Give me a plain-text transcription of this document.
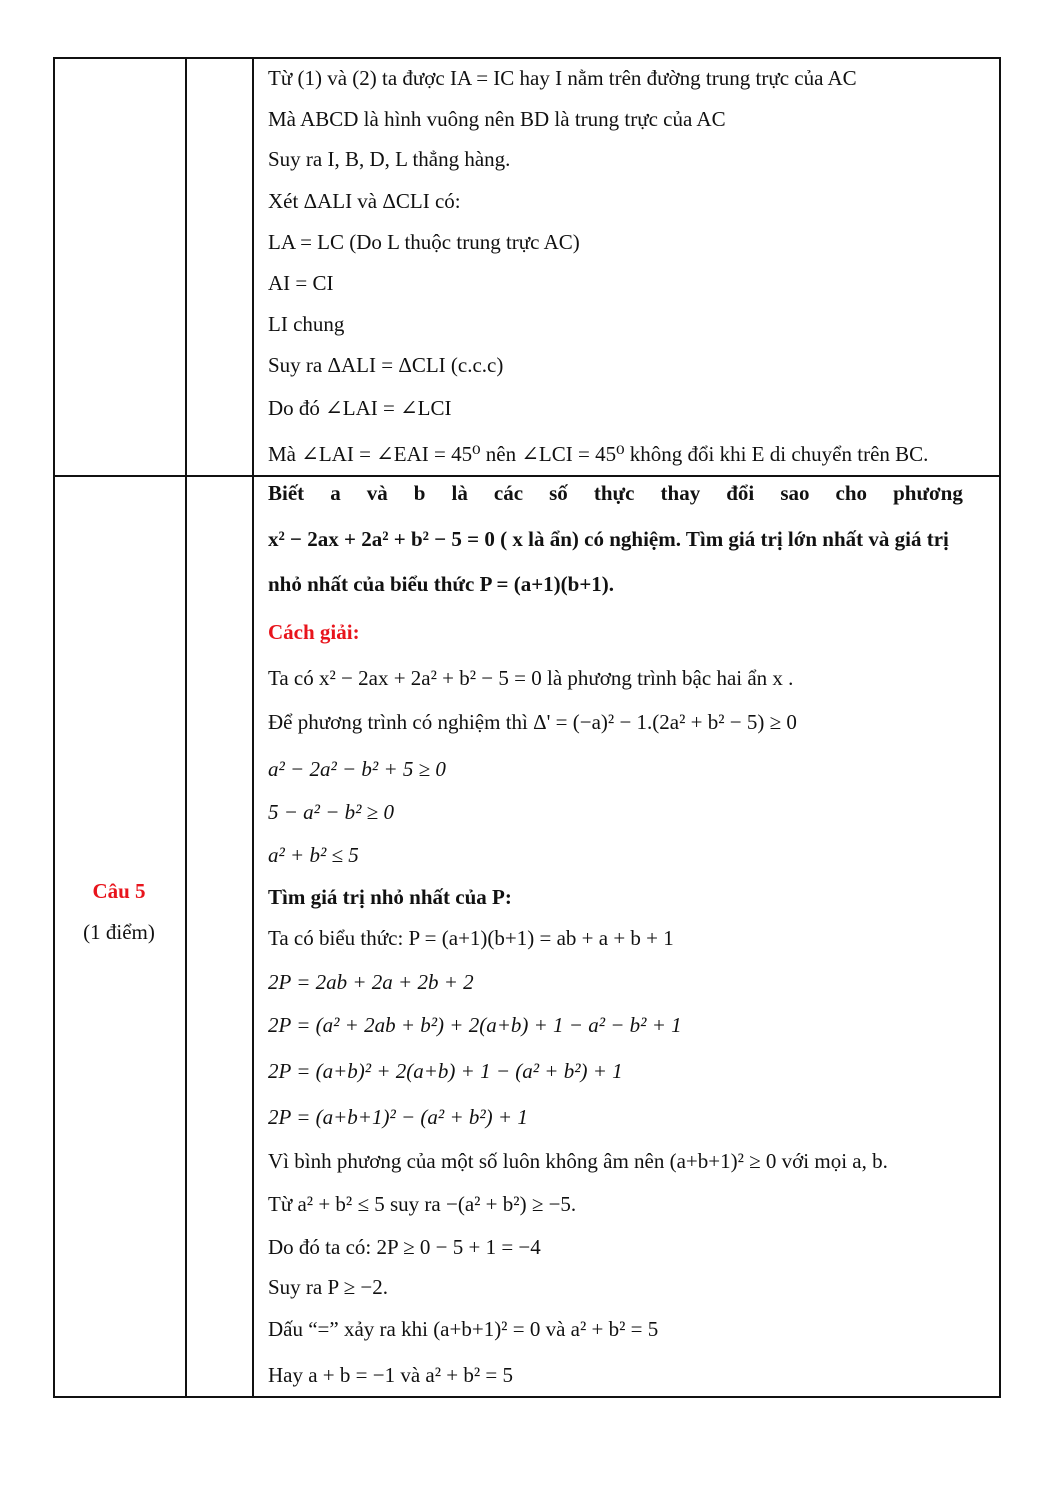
Từ (1) và (2) ta được IA = IC hay I nằm trên đường trung trực của AC
Mà ABCD là hình vuông nên BD là trung trực của AC
Suy ra I, B, D, L thẳng hàng.
Xét ΔALI và ΔCLI có:
LA = LC (Do L thuộc trung trực AC)
AI = CI
LI chung
Suy ra ΔALI = ΔCLI (c.c.c)
Do đó ∠LAI = ∠LCI
Mà ∠LAI = ∠EAI = 45⁰ nên ∠LCI = 45⁰ không đổi khi E di chuyển trên BC.
Câu 5
(1 điểm)
Biết a và b là các số thực thay đổi sao cho phương
x² − 2ax + 2a² + b² − 5 = 0 ( x là ẩn) có nghiệm. Tìm giá trị lớn nhất và giá trị
nhỏ nhất của biểu thức P = (a+1)(b+1).
Cách giải:
Ta có x² − 2ax + 2a² + b² − 5 = 0 là phương trình bậc hai ẩn x .
Để phương trình có nghiệm thì Δ' = (−a)² − 1.(2a² + b² − 5) ≥ 0
a² − 2a² − b² + 5 ≥ 0
5 − a² − b² ≥ 0
a² + b² ≤ 5
Tìm giá trị nhỏ nhất của P:
Ta có biểu thức: P = (a+1)(b+1) = ab + a + b + 1
2P = 2ab + 2a + 2b + 2
2P = (a² + 2ab + b²) + 2(a+b) + 1 − a² − b² + 1
2P = (a+b)² + 2(a+b) + 1 − (a² + b²) + 1
2P = (a+b+1)² − (a² + b²) + 1
Vì bình phương của một số luôn không âm nên (a+b+1)² ≥ 0 với mọi a, b.
Từ a² + b² ≤ 5 suy ra −(a² + b²) ≥ −5.
Do đó ta có: 2P ≥ 0 − 5 + 1 = −4
Suy ra P ≥ −2.
Dấu “=” xảy ra khi (a+b+1)² = 0 và a² + b² = 5
Hay a + b = −1 và a² + b² = 5
